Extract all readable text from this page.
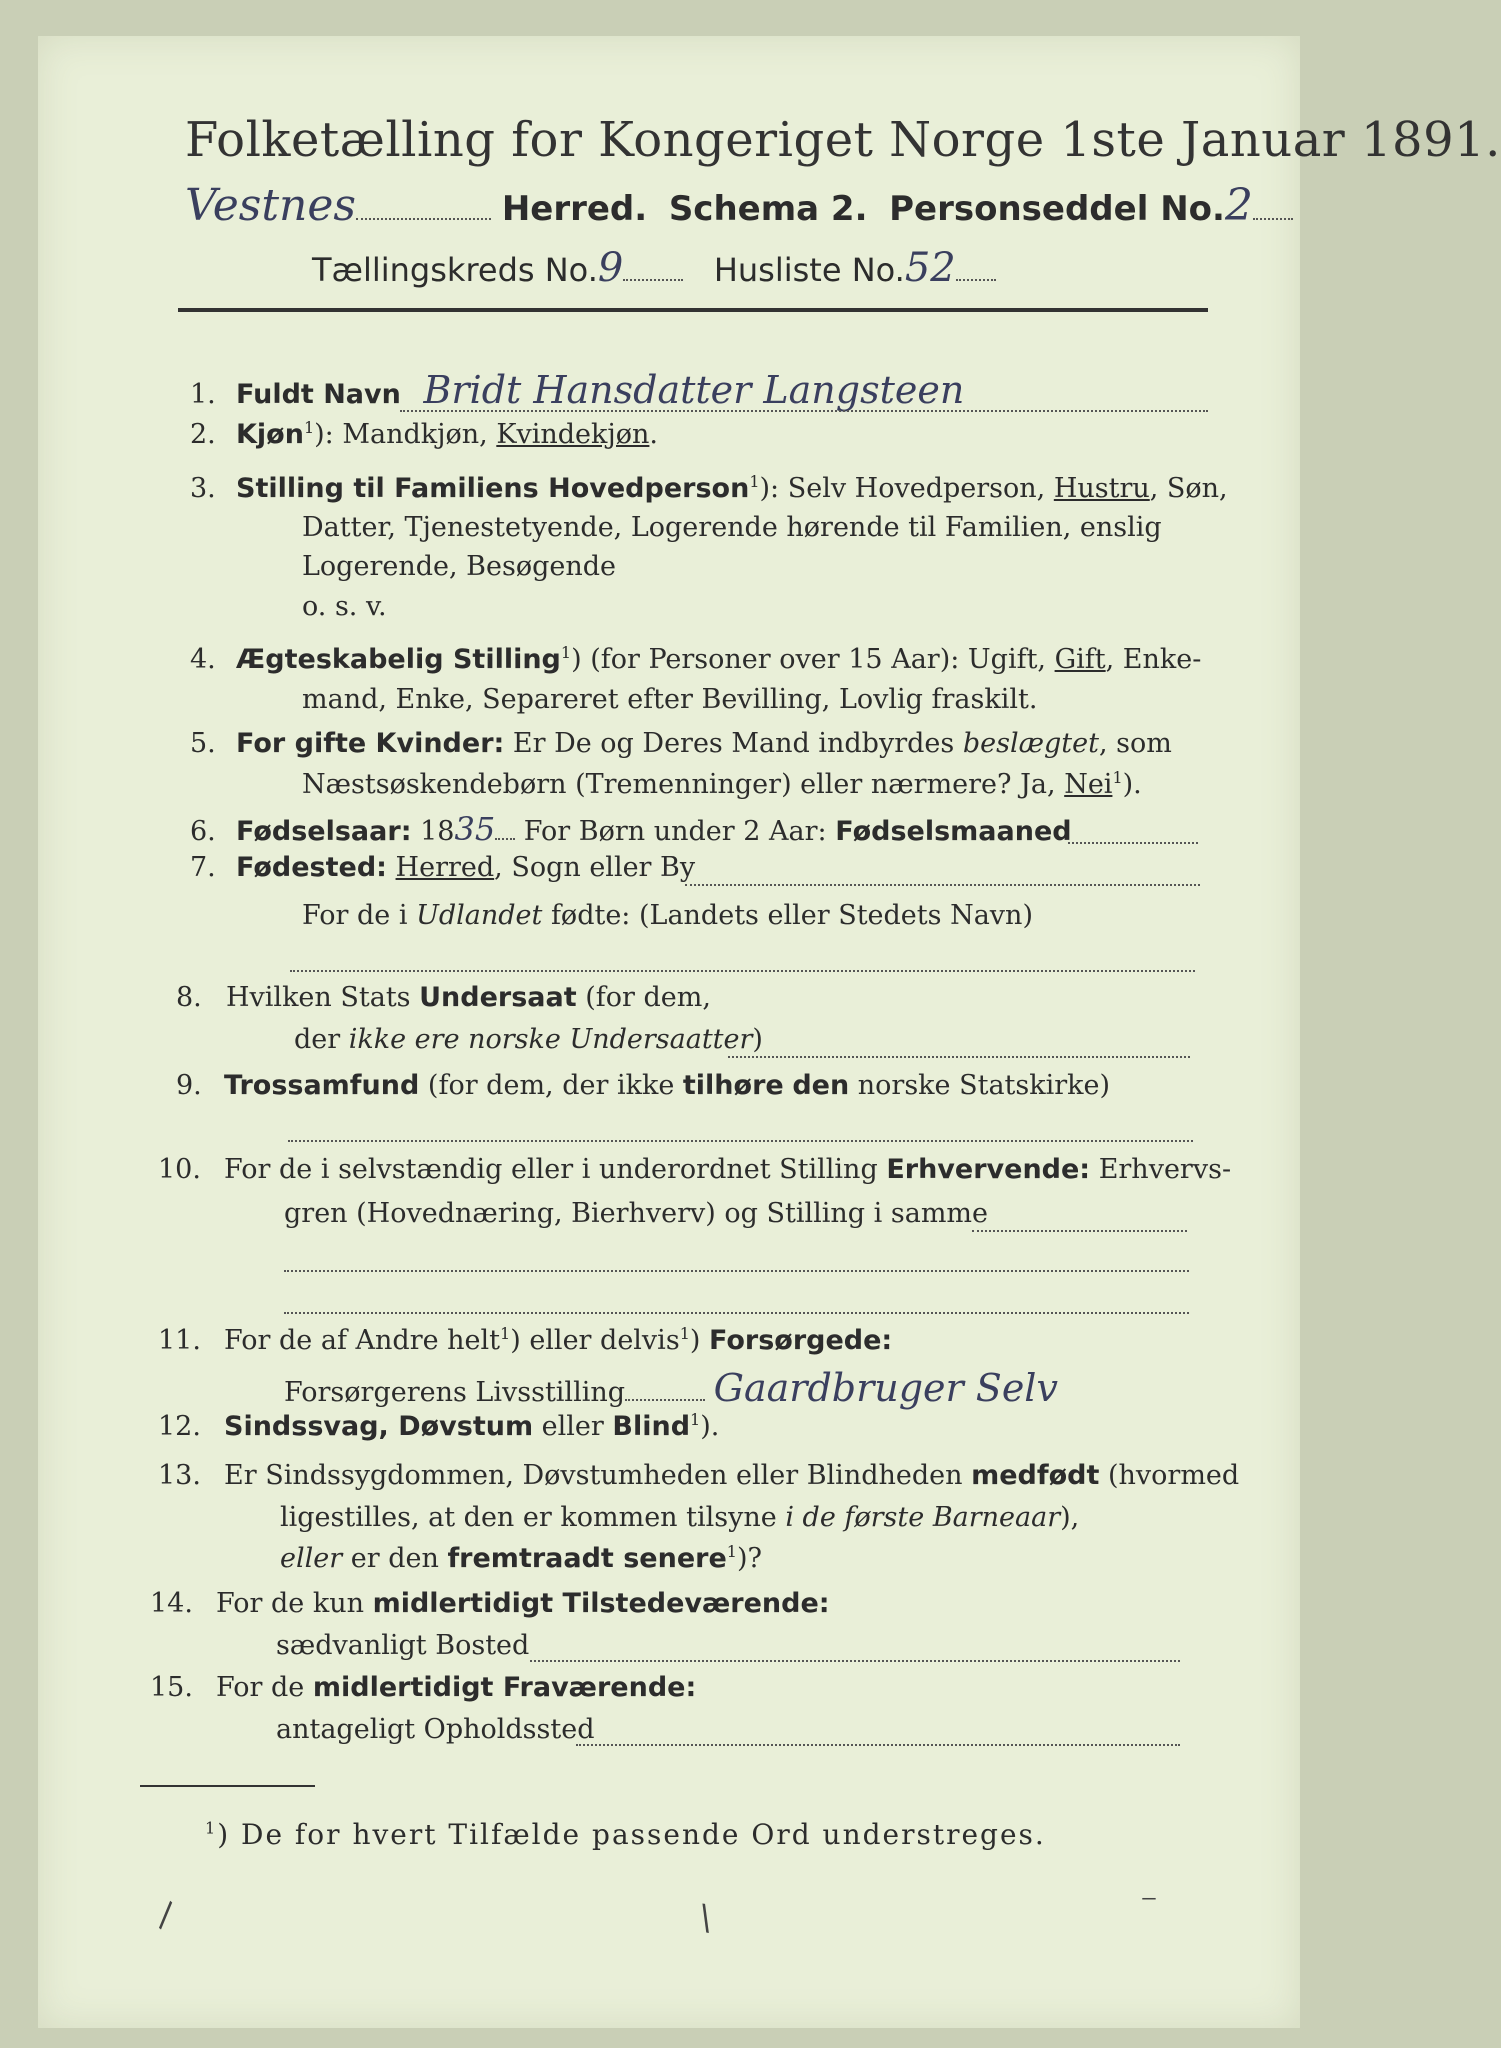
Folketælling for Kongeriget Norge 1ste Januar 1891.
Vestnes	Herred. Schema 2. Personseddel No.2
Tællingskreds No.9	Husliste No.52
1. Fuldt Navn Bridt Hansdatter Langsteen
2. Kjøn$^1$): Mandkjøn, Kvindekjøn.
3. Stilling til Familiens Hovedperson$^1$): Selv Hovedperson, Hustru, Søn,
Datter, Tjenestetyende, Logerende hørende til Familien, enslig
Logerende, Besøgende
o. s. v.
4. Ægteskabelig Stilling$^1$) (for Personer over 15 Aar): Ugift, Gift, Enke-
mand, Enke, Separeret efter Bevilling, Lovlig fraskilt.
5. For gifte Kvinder: Er De og Deres Mand indbyrdes beslægtet, som
Næstsøskendebørn (Tremenninger) eller nærmere? Ja, Nei$^1$).
6. Fødselsaar: 1835 For Børn under 2 Aar: Fødselsmaaned
7. Fødested: Herred, Sogn eller By
For de i Udlandet fødte: (Landets eller Stedets Navn)
8. Hvilken Stats Undersaat (for dem,
der ikke ere norske Undersaatter)
9. Trossamfund (for dem, der ikke tilhøre den norske Statskirke)
10. For de i selvstændig eller i underordnet Stilling Erhvervende: Erhvervs-
gren (Hovednæring, Bierhverv) og Stilling i samme
11. For de af Andre helt$^1$) eller delvis$^1$) Forsørgede:
Forsørgerens Livsstilling Gaardbruger Selv
12. Sindssvag, Døvstum eller Blind$^1$).
13. Er Sindssygdommen, Døvstumheden eller Blindheden medfødt (hvormed
ligestilles, at den er kommen tilsyne i de første Barneaar),
eller er den fremtraadt senere$^1$)?
14. For de kun midlertidigt Tilstedeværende:
sædvanligt Bosted
15. For de midlertidigt Fraværende:
antageligt Opholdssted
$^1$) De for hvert Tilfælde passende Ord understreges.
\	\	⁻
